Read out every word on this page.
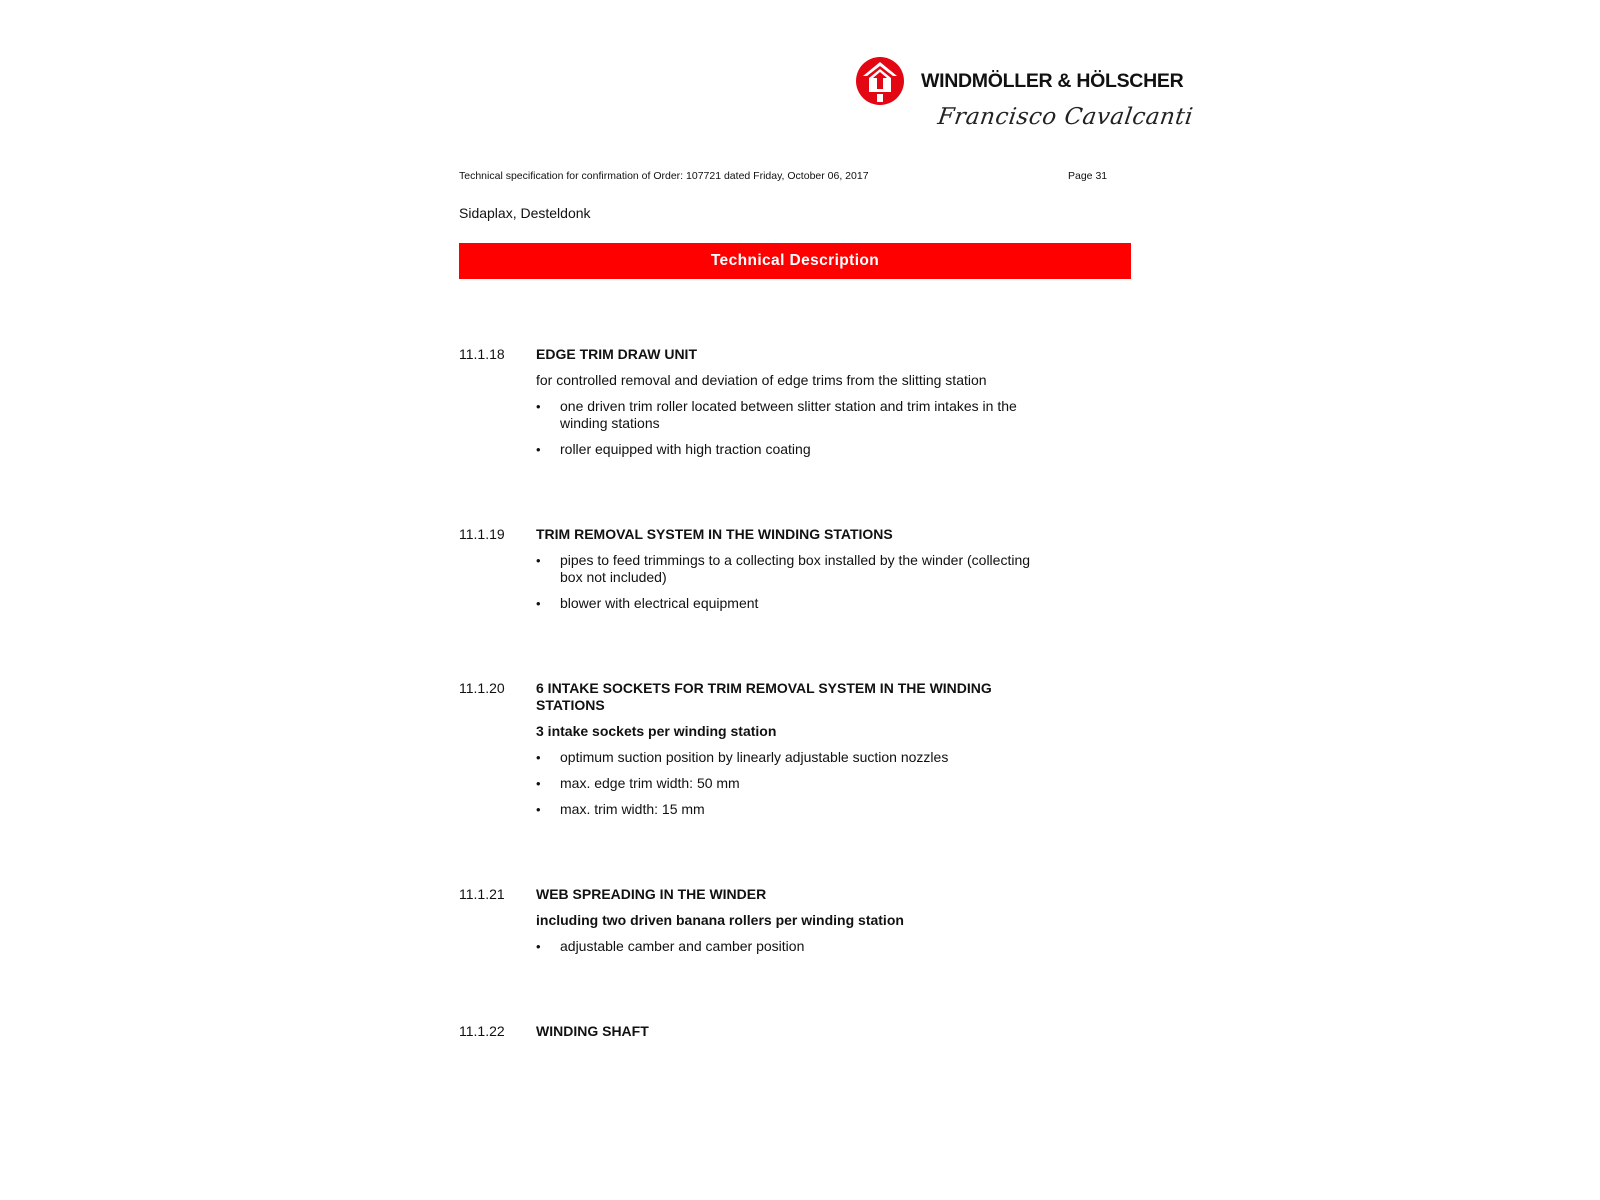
WINDMÖLLER & HÖLSCHER
Francisco Cavalcanti
Technical specification for confirmation of Order: 107721 dated Friday, October 06, 2017	Page 31
Sidaplax, Desteldonk
Technical Description
11.1.18 EDGE TRIM DRAW UNIT
for controlled removal and deviation of edge trims from the slitting station
• one driven trim roller located between slitter station and trim intakes in the winding stations
• roller equipped with high traction coating
11.1.19 TRIM REMOVAL SYSTEM IN THE WINDING STATIONS
• pipes to feed trimmings to a collecting box installed by the winder (collecting box not included)
• blower with electrical equipment
11.1.20 6 INTAKE SOCKETS FOR TRIM REMOVAL SYSTEM IN THE WINDING STATIONS
3 intake sockets per winding station
• optimum suction position by linearly adjustable suction nozzles
• max. edge trim width: 50 mm
• max. trim width: 15 mm
11.1.21 WEB SPREADING IN THE WINDER
including two driven banana rollers per winding station
• adjustable camber and camber position
11.1.22 WINDING SHAFT
